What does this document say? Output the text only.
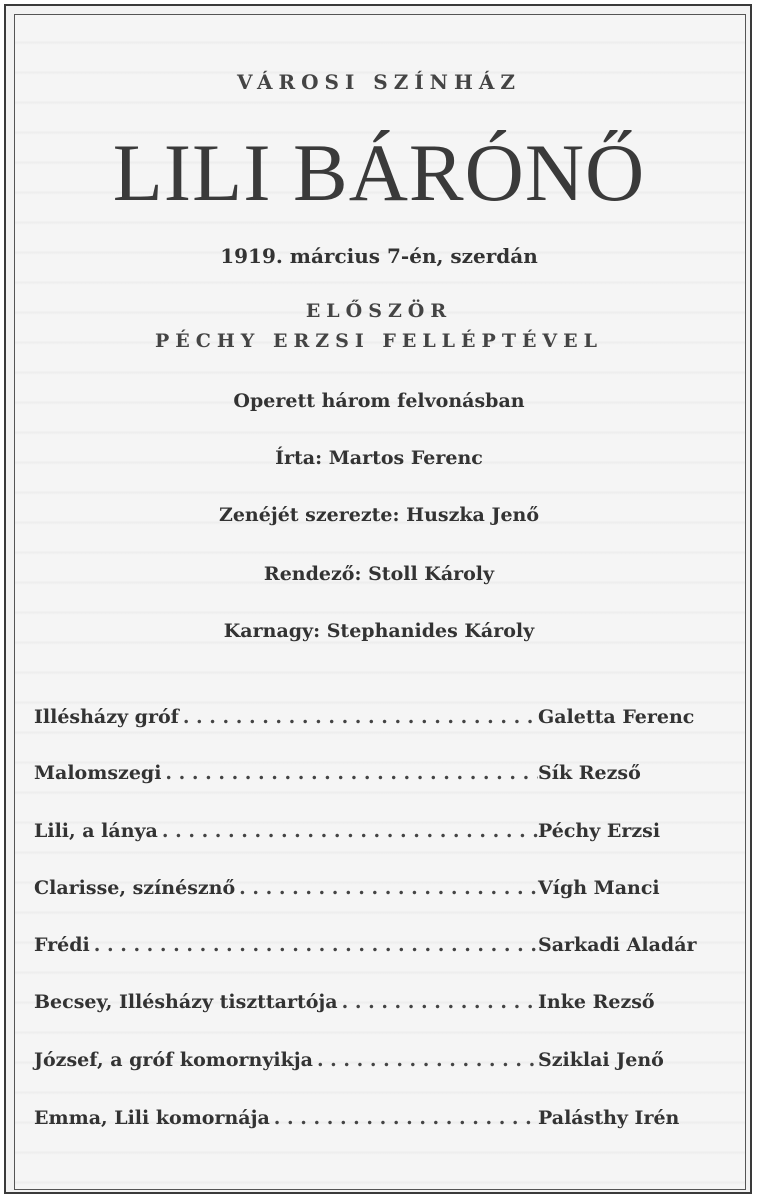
VÁROSI SZÍNHÁZ
LILI BÁRÓNŐ
1919. március 7-én, szerdán
ELŐSZÖR
PÉCHY ERZSI FELLÉPTÉVEL
Operett három felvonásban
Írta: Martos Ferenc
Zenéjét szerezte: Huszka Jenő
Rendező: Stoll Károly
Karnagy: Stephanides Károly
Illésházy gróf . . .	Galetta Ferenc
Malomszegi . . .	Sík Rezső
Lili, a lánya . . .	Péchy Erzsi
Clarisse, színésznő . . .	Vígh Manci
Frédi . . .	Sarkadi Aladár
Becsey, Illésházy tiszttartója . . .	Inke Rezső
József, a gróf komornyikja . . .	Sziklai Jenő
Emma, Lili komornája . . .	Palásthy Irén
